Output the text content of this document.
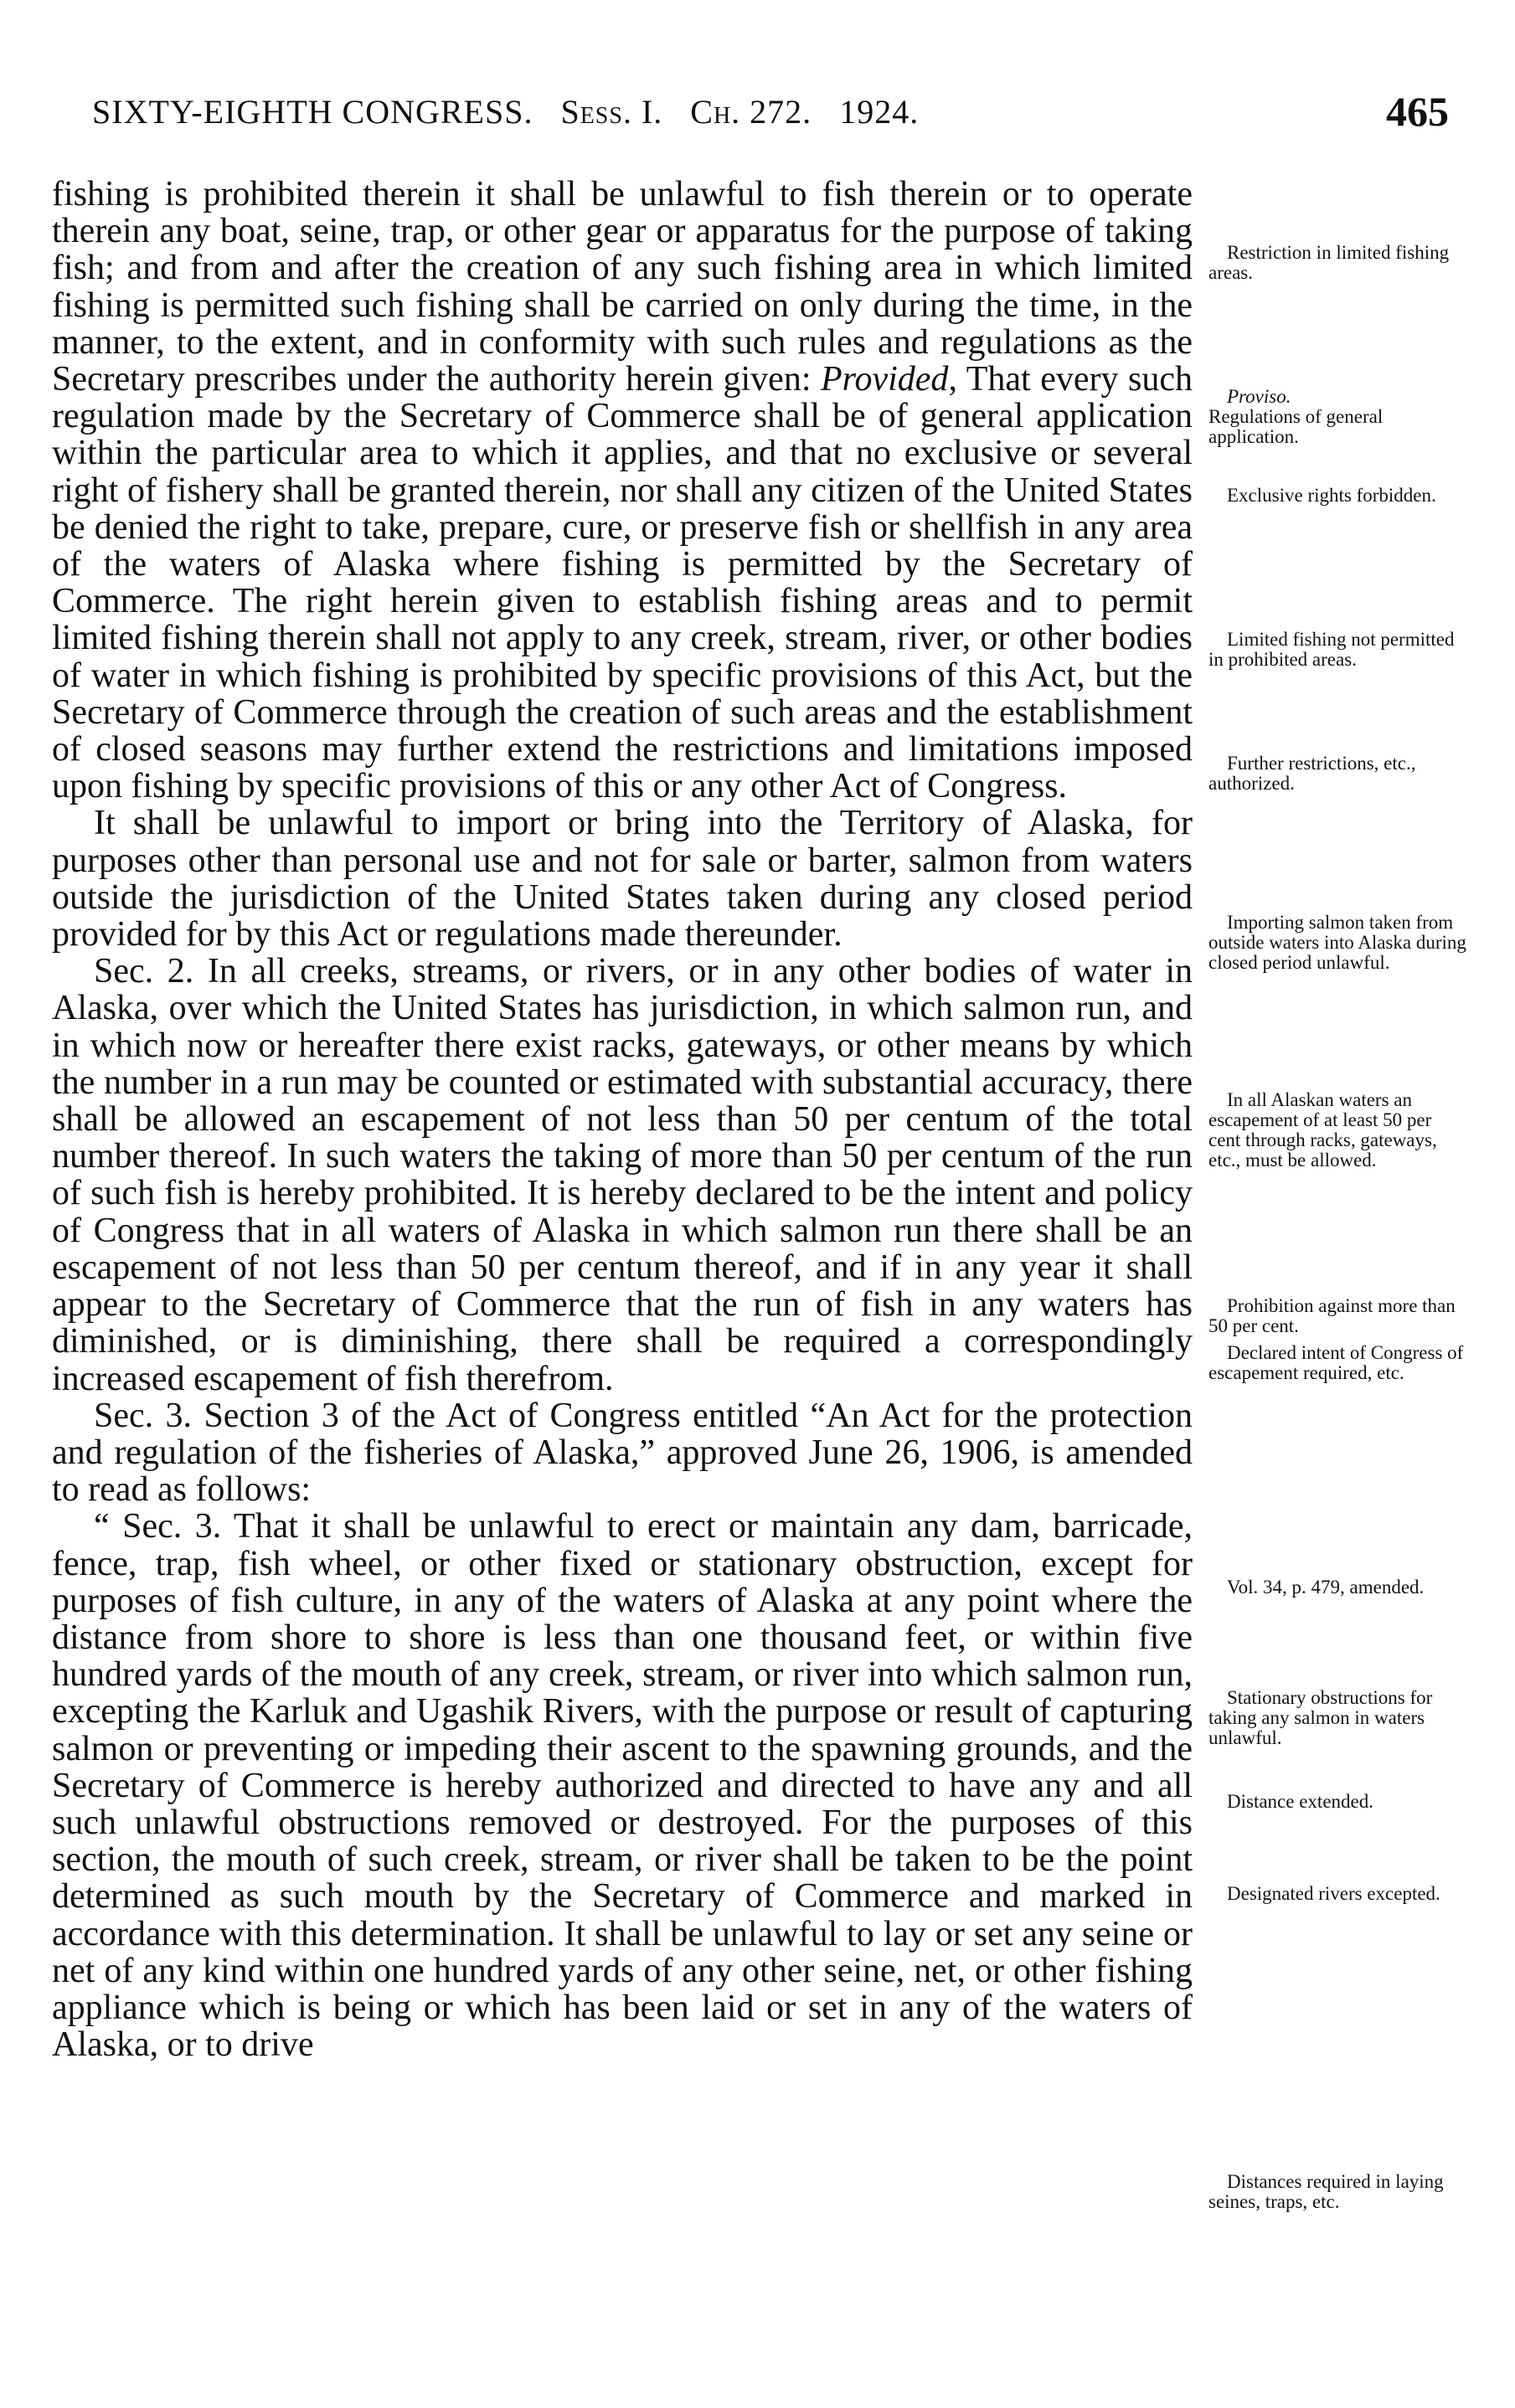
SIXTY-EIGHTH CONGRESS. Sess. I. Ch. 272. 1924.	465

fishing is prohibited therein it shall be unlawful to fish therein or to operate therein any boat, seine, trap, or other gear or apparatus for the purpose of taking fish; and from and after the creation of any such fishing area in which limited fishing is permitted such fishing shall be carried on only during the time, in the manner, to the extent, and in conformity with such rules and regulations as the Secretary prescribes under the authority herein given: Provided, That every such regulation made by the Secretary of Commerce shall be of general application within the particular area to which it applies, and that no exclusive or several right of fishery shall be granted therein, nor shall any citizen of the United States be denied the right to take, prepare, cure, or preserve fish or shellfish in any area of the waters of Alaska where fishing is permitted by the Secretary of Commerce. The right herein given to establish fishing areas and to permit limited fishing therein shall not apply to any creek, stream, river, or other bodies of water in which fishing is prohibited by specific provisions of this Act, but the Secretary of Commerce through the creation of such areas and the establishment of closed seasons may further extend the restrictions and limitations imposed upon fishing by specific provisions of this or any other Act of Congress.

It shall be unlawful to import or bring into the Territory of Alaska, for purposes other than personal use and not for sale or barter, salmon from waters outside the jurisdiction of the United States taken during any closed period provided for by this Act or regulations made thereunder.

Sec. 2. In all creeks, streams, or rivers, or in any other bodies of water in Alaska, over which the United States has jurisdiction, in which salmon run, and in which now or hereafter there exist racks, gateways, or other means by which the number in a run may be counted or estimated with substantial accuracy, there shall be allowed an escapement of not less than 50 per centum of the total number thereof. In such waters the taking of more than 50 per centum of the run of such fish is hereby prohibited. It is hereby declared to be the intent and policy of Congress that in all waters of Alaska in which salmon run there shall be an escapement of not less than 50 per centum thereof, and if in any year it shall appear to the Secretary of Commerce that the run of fish in any waters has diminished, or is diminishing, there shall be required a correspondingly increased escapement of fish therefrom.

Sec. 3. Section 3 of the Act of Congress entitled “An Act for the protection and regulation of the fisheries of Alaska,” approved June 26, 1906, is amended to read as follows:

“ Sec. 3. That it shall be unlawful to erect or maintain any dam, barricade, fence, trap, fish wheel, or other fixed or stationary obstruction, except for purposes of fish culture, in any of the waters of Alaska at any point where the distance from shore to shore is less than one thousand feet, or within five hundred yards of the mouth of any creek, stream, or river into which salmon run, excepting the Karluk and Ugashik Rivers, with the purpose or result of capturing salmon or preventing or impeding their ascent to the spawning grounds, and the Secretary of Commerce is hereby authorized and directed to have any and all such unlawful obstructions removed or destroyed. For the purposes of this section, the mouth of such creek, stream, or river shall be taken to be the point determined as such mouth by the Secretary of Commerce and marked in accordance with this determination. It shall be unlawful to lay or set any seine or net of any kind within one hundred yards of any other seine, net, or other fishing appliance which is being or which has been laid or set in any of the waters of Alaska, or to drive

Restriction in limited fishing areas.
Proviso.
Regulations of general application.
Exclusive rights forbidden.
Limited fishing not permitted in prohibited areas.
Further restrictions, etc., authorized.
Importing salmon taken from outside waters into Alaska during closed period unlawful.
In all Alaskan waters an escapement of at least 50 per cent through racks, gateways, etc., must be allowed.
Prohibition against more than 50 per cent.
Declared intent of Congress of escapement required, etc.
Vol. 34, p. 479, amended.
Stationary obstructions for taking any salmon in waters unlawful.
Distance extended.
Designated rivers excepted.
Distances required in laying seines, traps, etc.
